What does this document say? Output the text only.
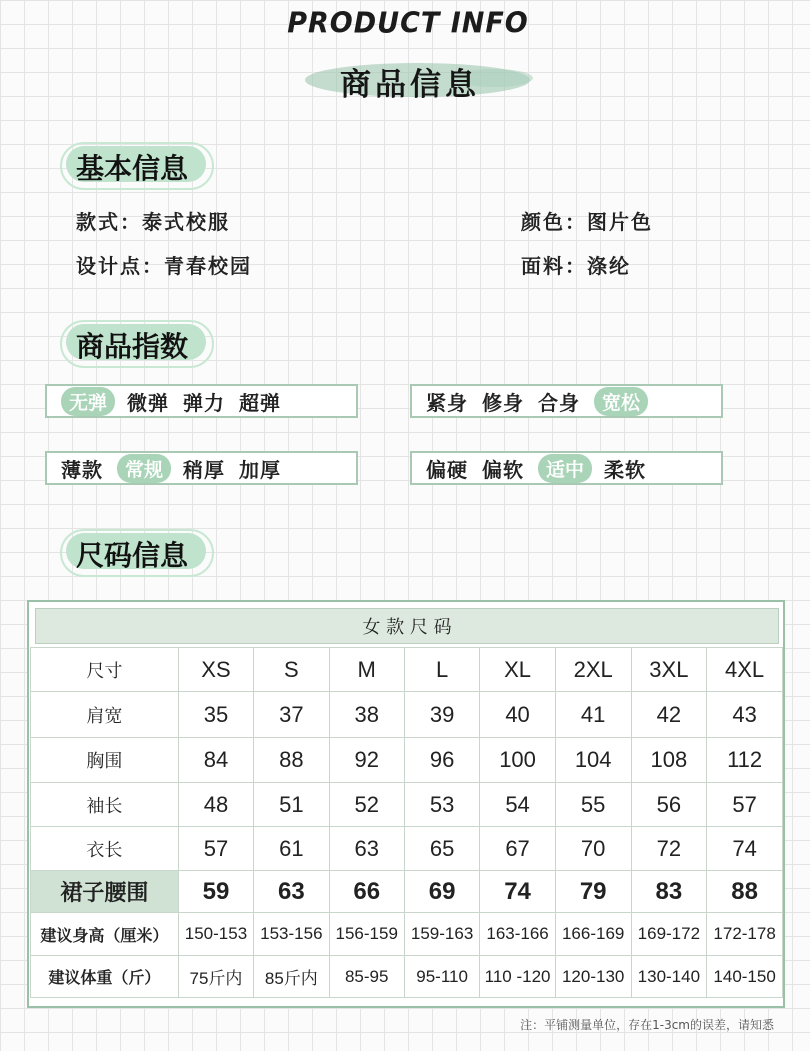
PRODUCT INFO
商品信息
基本信息
款式：泰式校服
设计点：青春校园
颜色：图片色
面料：涤纶
商品指数
无弹	微弹 弹力 超弹	紧身 修身 合身	宽松
薄款	常规	稍厚 加厚	偏硬 偏软	适中	柔软
尺码信息
女 款 尺 码
尺寸	XS	S	M	L	XL	2XL	3XL	4XL
肩宽	35	37	38	39	40	41	42	43
胸围	84	88	92	96	100	104	108	112
袖长	48	51	52	53	54	55	56	57
衣长	57	61	63	65	67	70	72	74
裙子腰围	59	63	66	69	74	79	83	88
建议身高（厘米）	150-153	153-156	156-159	159-163	163-166	166-169	169-172	172-178
建议体重（斤）	75斤内	85斤内	85-95	95-110	110 -120	120-130	130-140	140-150
注：平铺测量单位，存在1-3cm的误差，请知悉
